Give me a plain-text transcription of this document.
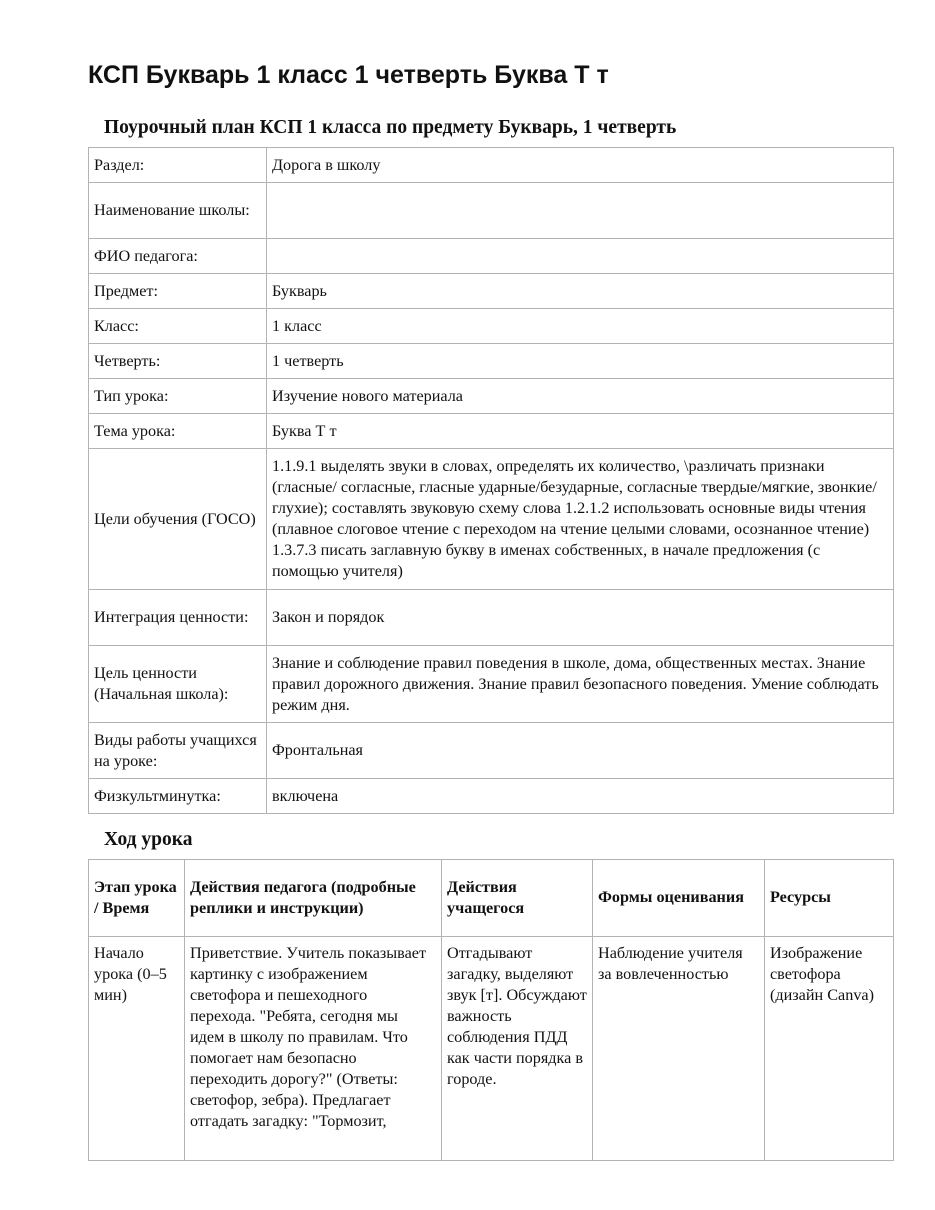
КСП Букварь 1 класс 1 четверть Буква Т т
Поурочный план КСП 1 класса по предмету Букварь, 1 четверть
Раздел:	Дорога в школу
Наименование школы:	
ФИО педагога:	
Предмет:	Букварь
Класс:	1 класс
Четверть:	1 четверть
Тип урока:	Изучение нового материала
Тема урока:	Буква Т т
Цели обучения (ГОСО)	1.1.9.1 выделять звуки в словах, определять их количество, \различать признаки (гласные/ согласные, гласные ударные/безударные, согласные твердые/мягкие, звонкие/глухие); составлять звуковую схему слова 1.2.1.2 использовать основные виды чтения (плавное слоговое чтение с переходом на чтение целыми словами, осознанное чтение) 1.3.7.3 писать заглавную букву в именах собственных, в начале предложения (с помощью учителя)
Интеграция ценности:	Закон и порядок
Цель ценности (Начальная школа):	Знание и соблюдение правил поведения в школе, дома, общественных местах. Знание правил дорожного движения. Знание правил безопасного поведения. Умение соблюдать режим дня.
Виды работы учащихся на уроке:	Фронтальная
Физкультминутка:	включена
Ход урока
Этап урока / Время	Действия педагога (подробные реплики и инструкции)	Действия учащегося	Формы оценивания	Ресурсы

Начало урока (0–5 мин)	Приветствие. Учитель показывает картинку с изображением светофора и пешеходного перехода. "Ребята, сегодня мы идем в школу по правилам. Что помогает нам безопасно переходить дорогу?" (Ответы: светофор, зебра). Предлагает отгадать загадку: "Тормозит,	Отгадывают загадку, выделяют звук [т]. Обсуждают важность соблюдения ПДД как части порядка в городе.	Наблюдение учителя за вовлеченностью	Изображение светофора (дизайн Canva)
